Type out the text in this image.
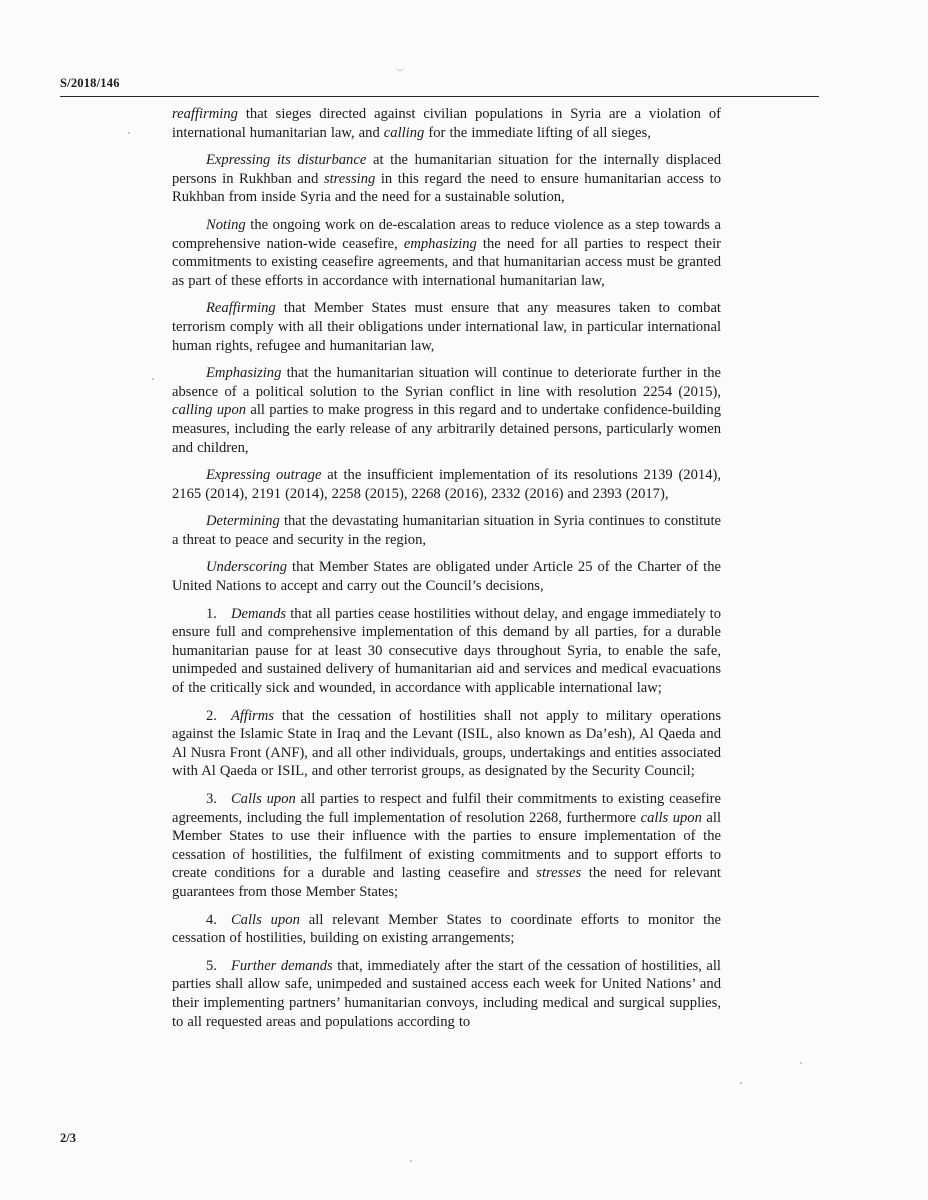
S/2018/146

reaffirming that sieges directed against civilian populations in Syria are a violation of international humanitarian law, and calling for the immediate lifting of all sieges,

Expressing its disturbance at the humanitarian situation for the internally displaced persons in Rukhban and stressing in this regard the need to ensure humanitarian access to Rukhban from inside Syria and the need for a sustainable solution,

Noting the ongoing work on de-escalation areas to reduce violence as a step towards a comprehensive nation-wide ceasefire, emphasizing the need for all parties to respect their commitments to existing ceasefire agreements, and that humanitarian access must be granted as part of these efforts in accordance with international humanitarian law,

Reaffirming that Member States must ensure that any measures taken to combat terrorism comply with all their obligations under international law, in particular international human rights, refugee and humanitarian law,

Emphasizing that the humanitarian situation will continue to deteriorate further in the absence of a political solution to the Syrian conflict in line with resolution 2254 (2015), calling upon all parties to make progress in this regard and to undertake confidence-building measures, including the early release of any arbitrarily detained persons, particularly women and children,

Expressing outrage at the insufficient implementation of its resolutions 2139 (2014), 2165 (2014), 2191 (2014), 2258 (2015), 2268 (2016), 2332 (2016) and 2393 (2017),

Determining that the devastating humanitarian situation in Syria continues to constitute a threat to peace and security in the region,

Underscoring that Member States are obligated under Article 25 of the Charter of the United Nations to accept and carry out the Council’s decisions,

1. Demands that all parties cease hostilities without delay, and engage immediately to ensure full and comprehensive implementation of this demand by all parties, for a durable humanitarian pause for at least 30 consecutive days throughout Syria, to enable the safe, unimpeded and sustained delivery of humanitarian aid and services and medical evacuations of the critically sick and wounded, in accordance with applicable international law;

2. Affirms that the cessation of hostilities shall not apply to military operations against the Islamic State in Iraq and the Levant (ISIL, also known as Da’esh), Al Qaeda and Al Nusra Front (ANF), and all other individuals, groups, undertakings and entities associated with Al Qaeda or ISIL, and other terrorist groups, as designated by the Security Council;

3. Calls upon all parties to respect and fulfil their commitments to existing ceasefire agreements, including the full implementation of resolution 2268, furthermore calls upon all Member States to use their influence with the parties to ensure implementation of the cessation of hostilities, the fulfilment of existing commitments and to support efforts to create conditions for a durable and lasting ceasefire and stresses the need for relevant guarantees from those Member States;

4. Calls upon all relevant Member States to coordinate efforts to monitor the cessation of hostilities, building on existing arrangements;

5. Further demands that, immediately after the start of the cessation of hostilities, all parties shall allow safe, unimpeded and sustained access each week for United Nations’ and their implementing partners’ humanitarian convoys, including medical and surgical supplies, to all requested areas and populations according to

2/3
